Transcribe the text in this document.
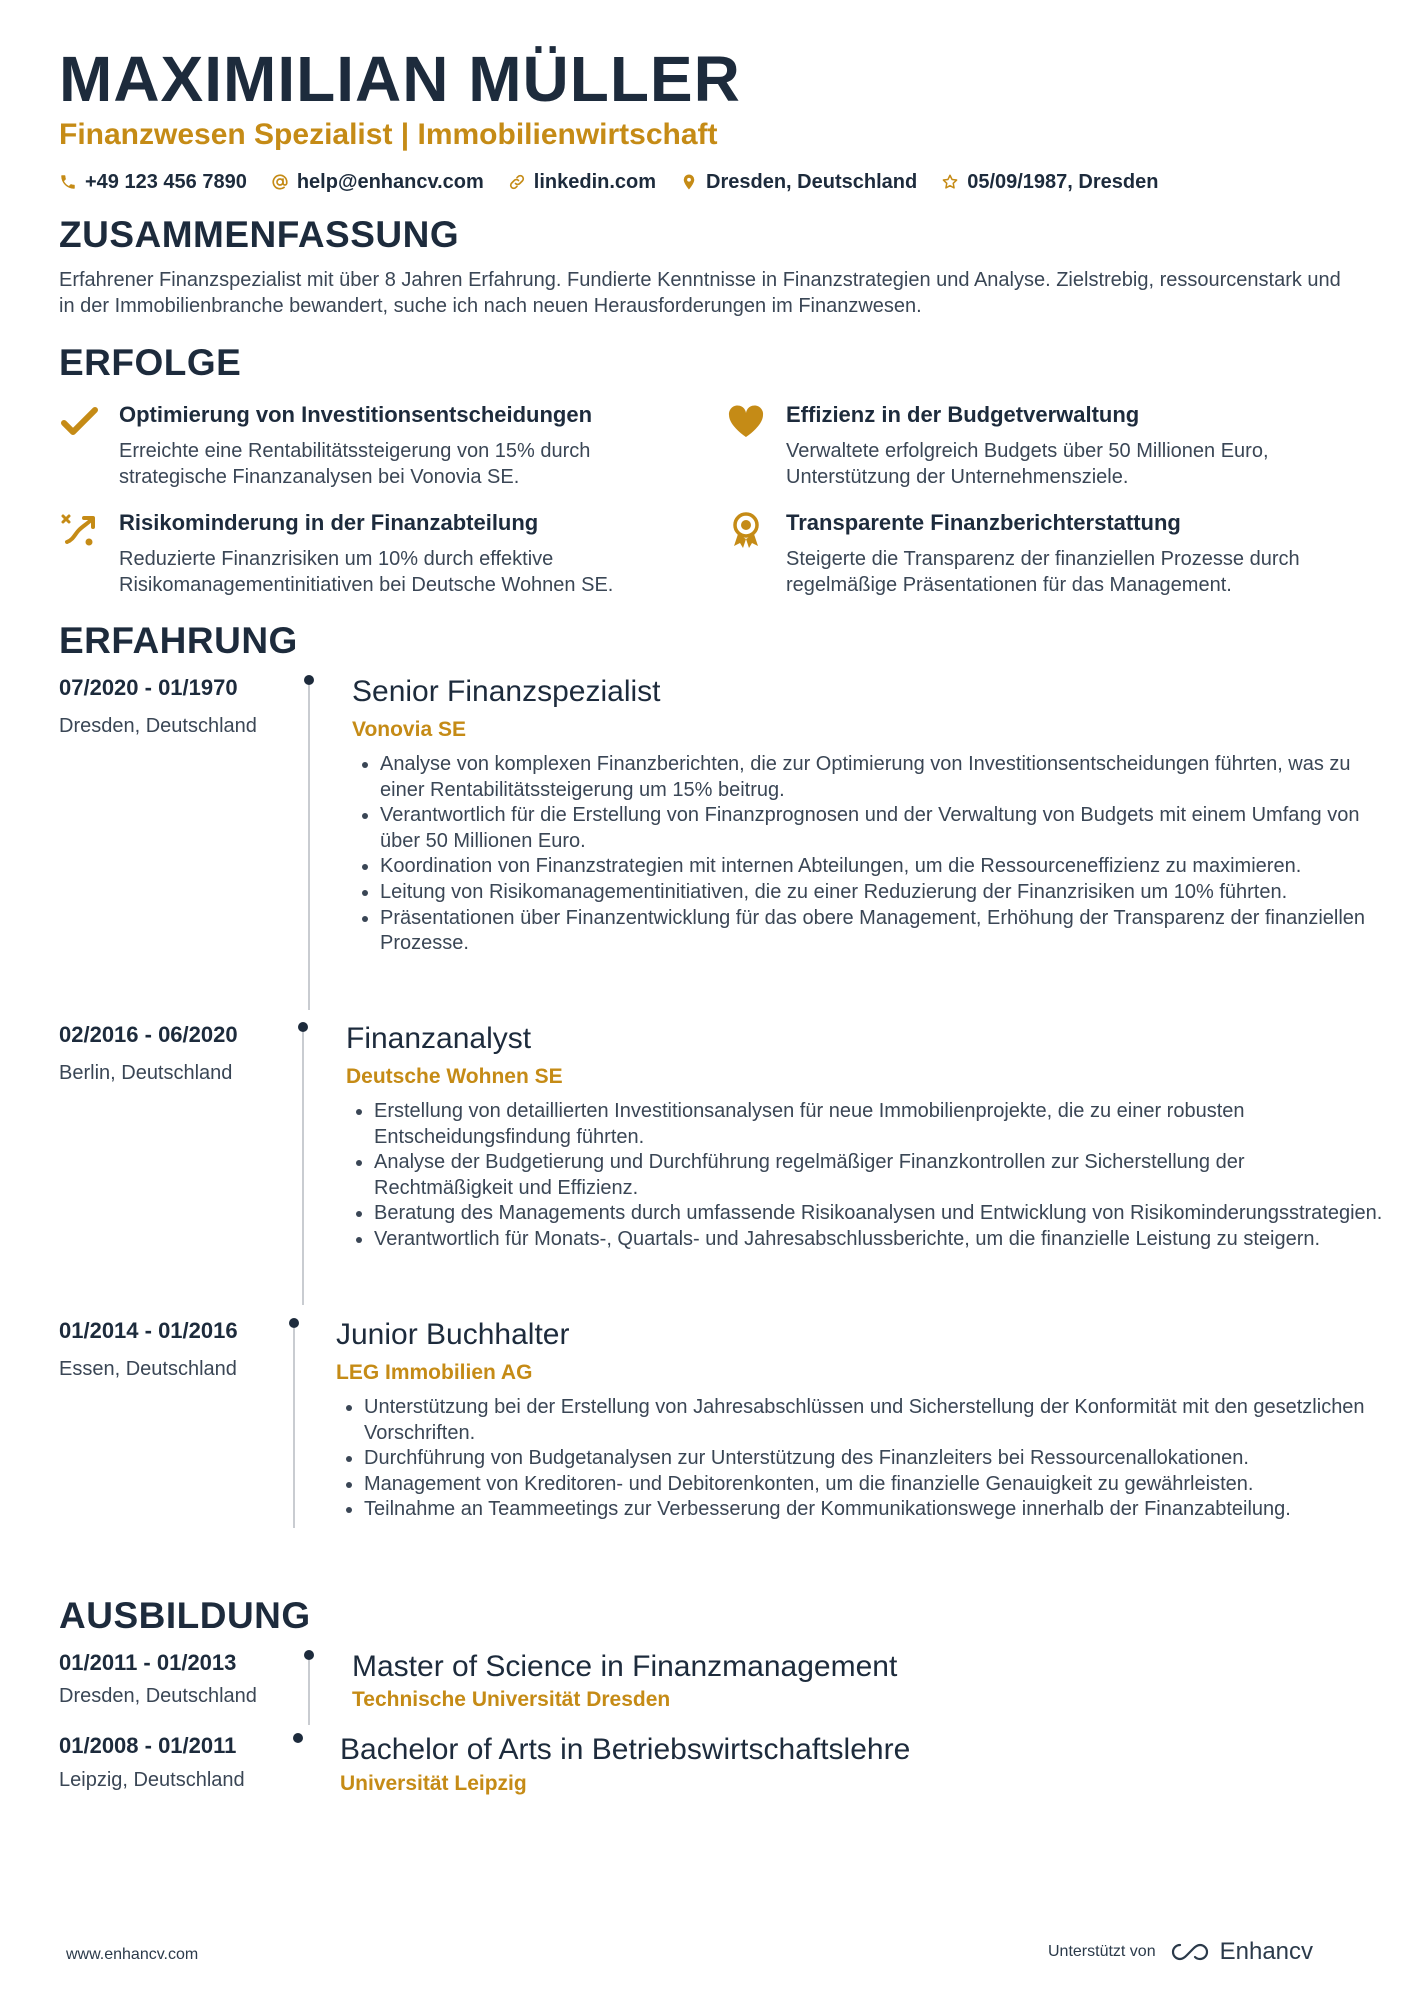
MAXIMILIAN MÜLLER
Finanzwesen Spezialist | Immobilienwirtschaft
+49 123 456 7890	help@enhancv.com	linkedin.com	Dresden, Deutschland	05/09/1987, Dresden
ZUSAMMENFASSUNG
Erfahrener Finanzspezialist mit über 8 Jahren Erfahrung. Fundierte Kenntnisse in Finanzstrategien und Analyse. Zielstrebig, ressourcenstark und in der Immobilienbranche bewandert, suche ich nach neuen Herausforderungen im Finanzwesen.
ERFOLGE
Optimierung von Investitionsentscheidungen
Erreichte eine Rentabilitätssteigerung von 15% durch strategische Finanzanalysen bei Vonovia SE.
Effizienz in der Budgetverwaltung
Verwaltete erfolgreich Budgets über 50 Millionen Euro, Unterstützung der Unternehmensziele.
Risikominderung in der Finanzabteilung
Reduzierte Finanzrisiken um 10% durch effektive Risikomanagementinitiativen bei Deutsche Wohnen SE.
Transparente Finanzberichterstattung
Steigerte die Transparenz der finanziellen Prozesse durch regelmäßige Präsentationen für das Management.
ERFAHRUNG
07/2020 - 01/1970
Dresden, Deutschland
Senior Finanzspezialist
Vonovia SE
• Analyse von komplexen Finanzberichten, die zur Optimierung von Investitionsentscheidungen führten, was zu einer Rentabilitätssteigerung um 15% beitrug.
• Verantwortlich für die Erstellung von Finanzprognosen und der Verwaltung von Budgets mit einem Umfang von über 50 Millionen Euro.
• Koordination von Finanzstrategien mit internen Abteilungen, um die Ressourceneffizienz zu maximieren.
• Leitung von Risikomanagementinitiativen, die zu einer Reduzierung der Finanzrisiken um 10% führten.
• Präsentationen über Finanzentwicklung für das obere Management, Erhöhung der Transparenz der finanziellen Prozesse.
02/2016 - 06/2020
Berlin, Deutschland
Finanzanalyst
Deutsche Wohnen SE
• Erstellung von detaillierten Investitionsanalysen für neue Immobilienprojekte, die zu einer robusten Entscheidungsfindung führten.
• Analyse der Budgetierung und Durchführung regelmäßiger Finanzkontrollen zur Sicherstellung der Rechtmäßigkeit und Effizienz.
• Beratung des Managements durch umfassende Risikoanalysen und Entwicklung von Risikominderungsstrategien.
• Verantwortlich für Monats-, Quartals- und Jahresabschlussberichte, um die finanzielle Leistung zu steigern.
01/2014 - 01/2016
Essen, Deutschland
Junior Buchhalter
LEG Immobilien AG
• Unterstützung bei der Erstellung von Jahresabschlüssen und Sicherstellung der Konformität mit den gesetzlichen Vorschriften.
• Durchführung von Budgetanalysen zur Unterstützung des Finanzleiters bei Ressourcenallokationen.
• Management von Kreditoren- und Debitorenkonten, um die finanzielle Genauigkeit zu gewährleisten.
• Teilnahme an Teammeetings zur Verbesserung der Kommunikationswege innerhalb der Finanzabteilung.
AUSBILDUNG
01/2011 - 01/2013
Dresden, Deutschland
Master of Science in Finanzmanagement
Technische Universität Dresden
01/2008 - 01/2011
Leipzig, Deutschland
Bachelor of Arts in Betriebswirtschaftslehre
Universität Leipzig
www.enhancv.com	Unterstützt von	Enhancv
